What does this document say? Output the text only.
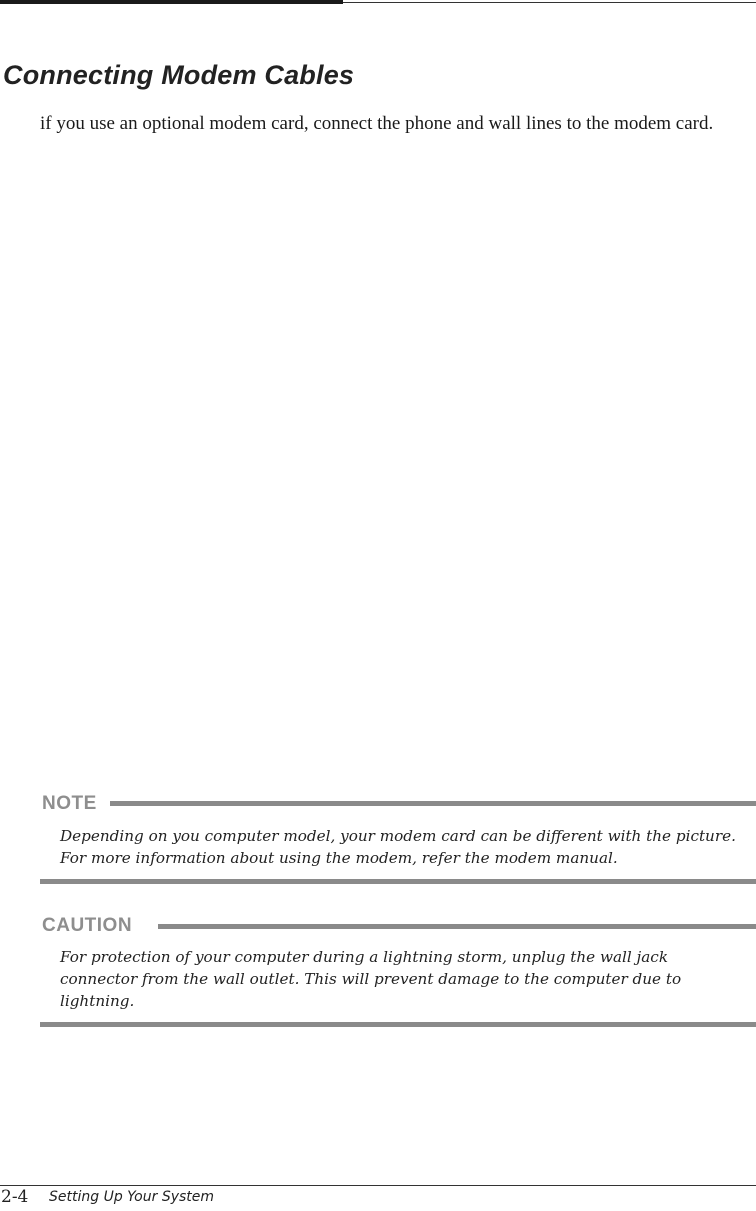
Connecting Modem Cables

if you use an optional modem card, connect the phone and wall lines to the modem card.

NOTE

Depending on you computer model, your modem card can be different with the picture. For more information about using the modem, refer the modem manual.

CAUTION

For protection of your computer during a lightning storm, unplug the wall jack connector from the wall outlet. This will prevent damage to the computer due to lightning.

2-4 Setting Up Your System
